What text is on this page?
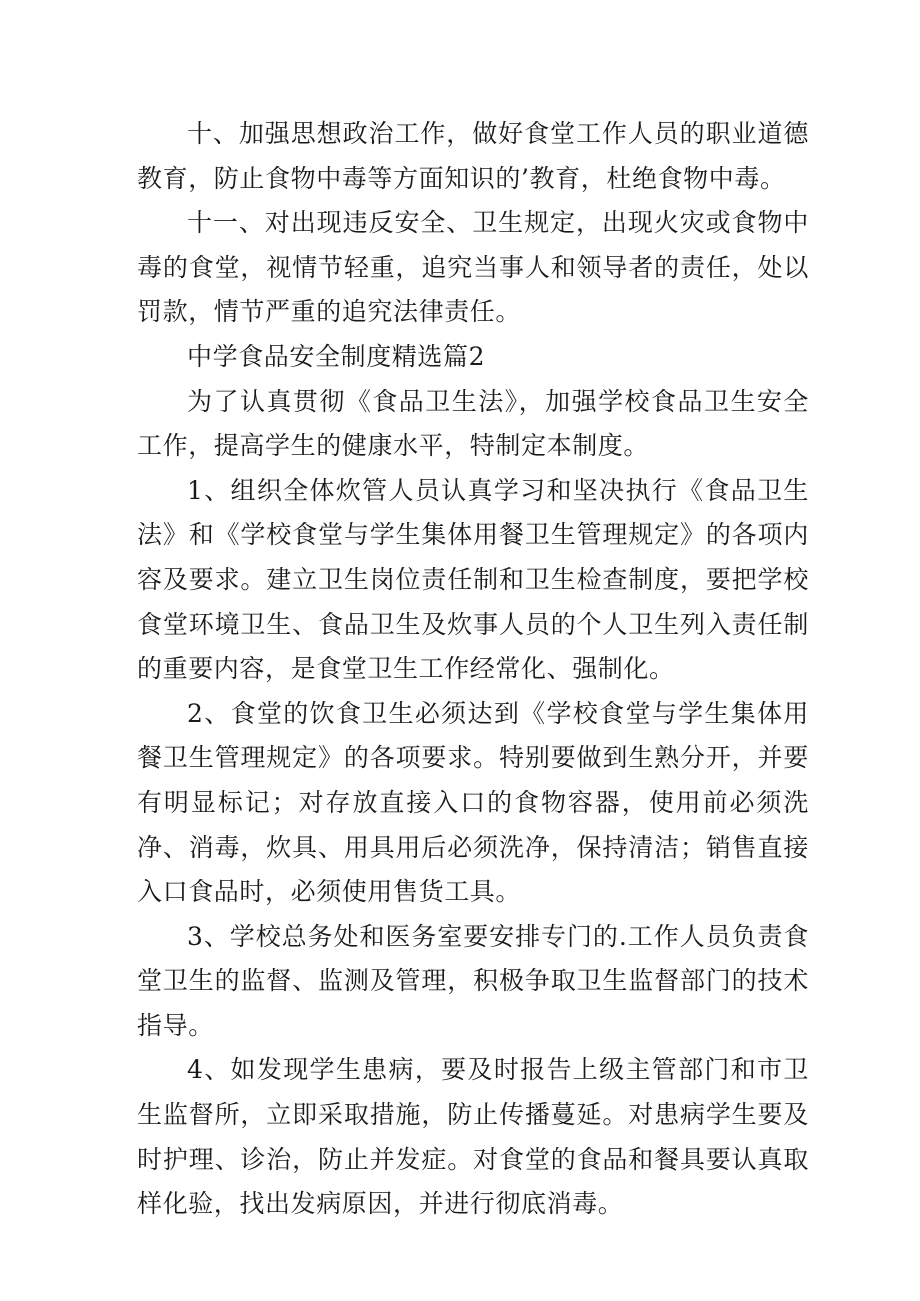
十、加强思想政治工作，做好食堂工作人员的职业道德教育，防止食物中毒等方面知识的’教育，杜绝食物中毒。

十一、对出现违反安全、卫生规定，出现火灾或食物中毒的食堂，视情节轻重，追究当事人和领导者的责任，处以罚款，情节严重的追究法律责任。

中学食品安全制度精选篇2

为了认真贯彻《食品卫生法》，加强学校食品卫生安全工作，提高学生的健康水平，特制定本制度。

1、组织全体炊管人员认真学习和坚决执行《食品卫生法》和《学校食堂与学生集体用餐卫生管理规定》的各项内容及要求。建立卫生岗位责任制和卫生检查制度，要把学校食堂环境卫生、食品卫生及炊事人员的个人卫生列入责任制的重要内容，是食堂卫生工作经常化、强制化。

2、食堂的饮食卫生必须达到《学校食堂与学生集体用餐卫生管理规定》的各项要求。特别要做到生熟分开，并要有明显标记；对存放直接入口的食物容器，使用前必须洗净、消毒，炊具、用具用后必须洗净，保持清洁；销售直接入口食品时，必须使用售货工具。

3、学校总务处和医务室要安排专门的.工作人员负责食堂卫生的监督、监测及管理，积极争取卫生监督部门的技术指导。

4、如发现学生患病，要及时报告上级主管部门和市卫生监督所，立即采取措施，防止传播蔓延。对患病学生要及时护理、诊治，防止并发症。对食堂的食品和餐具要认真取样化验，找出发病原因，并进行彻底消毒。
